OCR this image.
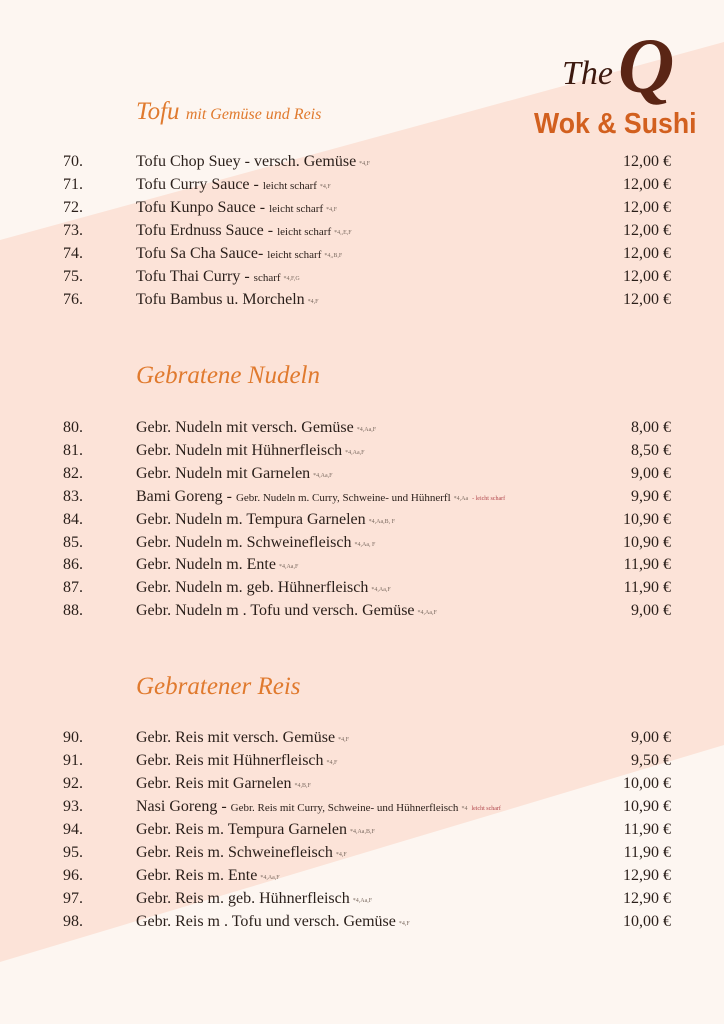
The Q
Wok & Sushi
Tofu mit Gemüse und Reis
70.	Tofu Chop Suey - versch. Gemüse *4,F	12,00 €
71.	Tofu Curry Sauce - leicht scharf *4,F	12,00 €
72.	Tofu Kunpo Sauce - leicht scharf *4,F	12,00 €
73.	Tofu Erdnuss Sauce - leicht scharf *4,,E,F	12,00 €
74.	Tofu Sa Cha Sauce- leicht scharf *4,,B,F	12,00 €
75.	Tofu Thai Curry - scharf *4,F,G	12,00 €
76.	Tofu Bambus u. Morcheln *4,F	12,00 €
Gebratene Nudeln
80.	Gebr. Nudeln mit versch. Gemüse *4,Aa,F	8,00 €
81.	Gebr. Nudeln mit Hühnerfleisch *4,Aa,F	8,50 €
82.	Gebr. Nudeln mit Garnelen *4,Aa,F	9,00 €
83.	Bami Goreng - Gebr. Nudeln m. Curry, Schweine- und Hühnerfl *4,Aa - leicht scharf	9,90 €
84.	Gebr. Nudeln m. Tempura Garnelen *4,Aa,B, F	10,90 €
85.	Gebr. Nudeln m. Schweinefleisch *4,Aa, F	10,90 €
86.	Gebr. Nudeln m. Ente *4,Aa,F	11,90 €
87.	Gebr. Nudeln m. geb. Hühnerfleisch *4,Aa,F	11,90 €
88.	Gebr. Nudeln m . Tofu und versch. Gemüse *4,Aa,F	9,00 €
Gebratener Reis
90.	Gebr. Reis mit versch. Gemüse *4,F	9,00 €
91.	Gebr. Reis mit Hühnerfleisch *4,F	9,50 €
92.	Gebr. Reis mit Garnelen *4,B,F	10,00 €
93.	Nasi Goreng - Gebr. Reis mit Curry, Schweine- und Hühnerfleisch *4 leicht scharf	10,90 €
94.	Gebr. Reis m. Tempura Garnelen *4,Aa,B,F	11,90 €
95.	Gebr. Reis m. Schweinefleisch *4,F	11,90 €
96.	Gebr. Reis m. Ente *4,Aa,F	12,90 €
97.	Gebr. Reis m. geb. Hühnerfleisch *4,Aa,F	12,90 €
98.	Gebr. Reis m . Tofu und versch. Gemüse *4,F	10,00 €
